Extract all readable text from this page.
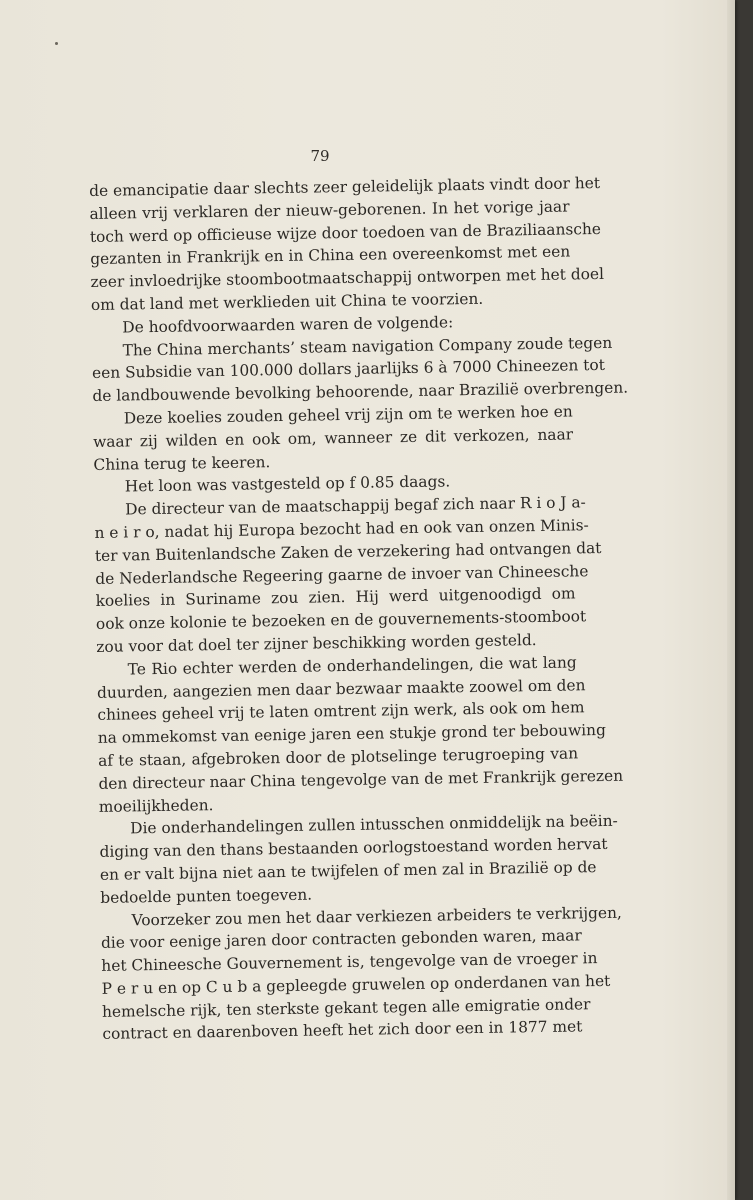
79
de emancipatie daar slechts zeer geleidelijk plaats vindt door het
alleen vrij verklaren der nieuw-geborenen. In het vorige jaar
toch werd op officieuse wijze door toedoen van de Braziliaansche
gezanten in Frankrijk en in China een overeenkomst met een
zeer invloedrijke stoombootmaatschappij ontworpen met het doel
om dat land met werklieden uit China te voorzien.
De hoofdvoorwaarden waren de volgende:
The China merchants’ steam navigation Company zoude tegen
een Subsidie van 100.000 dollars jaarlijks 6 à 7000 Chineezen tot
de landbouwende bevolking behoorende, naar Brazilië overbrengen.
Deze koelies zouden geheel vrij zijn om te werken hoe en
waar zij wilden en ook om, wanneer ze dit verkozen, naar
China terug te keeren.
Het loon was vastgesteld op f 0.85 daags.
De directeur van de maatschappij begaf zich naar R i o J a-
n e i r o, nadat hij Europa bezocht had en ook van onzen Minis-
ter van Buitenlandsche Zaken de verzekering had ontvangen dat
de Nederlandsche Regeering gaarne de invoer van Chineesche
koelies in Suriname zou zien. Hij werd uitgenoodigd om
ook onze kolonie te bezoeken en de gouvernements-stoomboot
zou voor dat doel ter zijner beschikking worden gesteld.
Te Rio echter werden de onderhandelingen, die wat lang
duurden, aangezien men daar bezwaar maakte zoowel om den
chinees geheel vrij te laten omtrent zijn werk, als ook om hem
na ommekomst van eenige jaren een stukje grond ter bebouwing
af te staan, afgebroken door de plotselinge terugroeping van
den directeur naar China tengevolge van de met Frankrijk gerezen
moeilijkheden.
Die onderhandelingen zullen intusschen onmiddelijk na beëin-
diging van den thans bestaanden oorlogstoestand worden hervat
en er valt bijna niet aan te twijfelen of men zal in Brazilië op de
bedoelde punten toegeven.
Voorzeker zou men het daar verkiezen arbeiders te verkrijgen,
die voor eenige jaren door contracten gebonden waren, maar
het Chineesche Gouvernement is, tengevolge van de vroeger in
P e r u en op C u b a gepleegde gruwelen op onderdanen van het
hemelsche rijk, ten sterkste gekant tegen alle emigratie onder
contract en daarenboven heeft het zich door een in 1877 met
